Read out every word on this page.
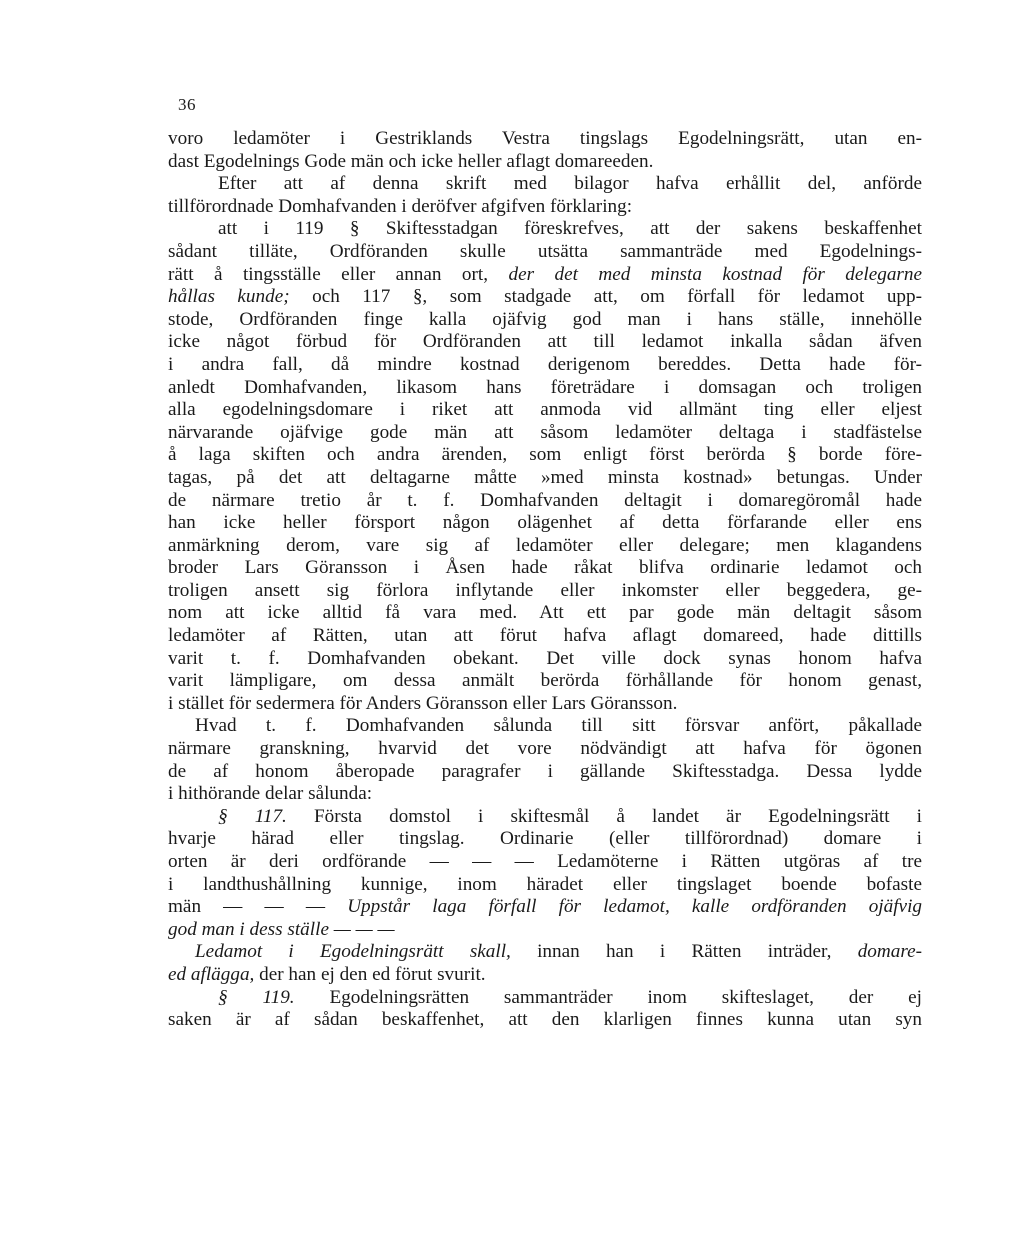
36
voro ledamöter i Gestriklands Vestra tingslags Egodelningsrätt, utan en-
dast Egodelnings Gode män och icke heller aflagt domareeden.
Efter att af denna skrift med bilagor hafva erhållit del, anförde
tillförordnade Domhafvanden i deröfver afgifven förklaring:
att i 119 § Skiftesstadgan föreskrefves, att der sakens beskaffenhet
sådant tilläte, Ordföranden skulle utsätta sammanträde med Egodelnings-
rätt å tingsställe eller annan ort, der det med minsta kostnad för delegarne
hållas kunde; och 117 §, som stadgade att, om förfall för ledamot upp-
stode, Ordföranden finge kalla ojäfvig god man i hans ställe, innehölle
icke något förbud för Ordföranden att till ledamot inkalla sådan äfven
i andra fall, då mindre kostnad derigenom bereddes. Detta hade för-
anledt Domhafvanden, likasom hans företrädare i domsagan och troligen
alla egodelningsdomare i riket att anmoda vid allmänt ting eller eljest
närvarande ojäfvige gode män att såsom ledamöter deltaga i stadfästelse
å laga skiften och andra ärenden, som enligt först berörda § borde före-
tagas, på det att deltagarne måtte »med minsta kostnad» betungas. Under
de närmare tretio år t. f. Domhafvanden deltagit i domaregöromål hade
han icke heller försport någon olägenhet af detta förfarande eller ens
anmärkning derom, vare sig af ledamöter eller delegare; men klagandens
broder Lars Göransson i Åsen hade råkat blifva ordinarie ledamot och
troligen ansett sig förlora inflytande eller inkomster eller beggedera, ge-
nom att icke alltid få vara med. Att ett par gode män deltagit såsom
ledamöter af Rätten, utan att förut hafva aflagt domareed, hade dittills
varit t. f. Domhafvanden obekant. Det ville dock synas honom hafva
varit lämpligare, om dessa anmält berörda förhållande för honom genast,
i stället för sedermera för Anders Göransson eller Lars Göransson.
Hvad t. f. Domhafvanden sålunda till sitt försvar anfört, påkallade
närmare granskning, hvarvid det vore nödvändigt att hafva för ögonen
de af honom åberopade paragrafer i gällande Skiftesstadga. Dessa lydde
i hithörande delar sålunda:
§ 117. Första domstol i skiftesmål å landet är Egodelningsrätt i
hvarje härad eller tingslag. Ordinarie (eller tillförordnad) domare i
orten är deri ordförande — — — Ledamöterne i Rätten utgöras af tre
i landthushållning kunnige, inom häradet eller tingslaget boende bofaste
män — — — Uppstår laga förfall för ledamot, kalle ordföranden ojäfvig
god man i dess ställe — — —
Ledamot i Egodelningsrätt skall, innan han i Rätten inträder, domare-
ed aflägga, der han ej den ed förut svurit.
§ 119. Egodelningsrätten sammanträder inom skifteslaget, der ej
saken är af sådan beskaffenhet, att den klarligen finnes kunna utan syn
